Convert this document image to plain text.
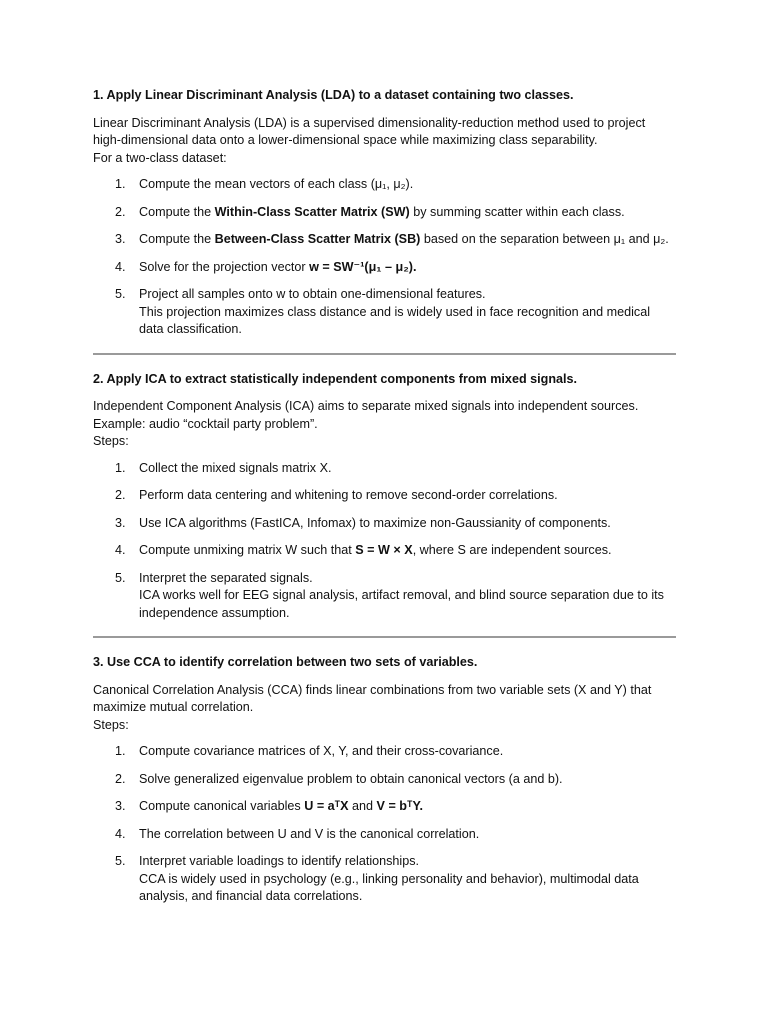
1. Apply Linear Discriminant Analysis (LDA) to a dataset containing two classes.

Linear Discriminant Analysis (LDA) is a supervised dimensionality-reduction method used to project

high-dimensional data onto a lower-dimensional space while maximizing class separability.

For a two-class dataset:

1. Compute the mean vectors of each class (μ₁, μ₂).
2. Compute the Within-Class Scatter Matrix (SW) by summing scatter within each class.
3. Compute the Between-Class Scatter Matrix (SB) based on the separation between μ₁ and μ₂.
4. Solve for the projection vector w = SW⁻¹(μ₁ – μ₂).
5. Project all samples onto w to obtain one-dimensional features.
This projection maximizes class distance and is widely used in face recognition and medical
data classification.
2. Apply ICA to extract statistically independent components from mixed signals.

Independent Component Analysis (ICA) aims to separate mixed signals into independent sources.

Example: audio “cocktail party problem”.

Steps:

1. Collect the mixed signals matrix X.
2. Perform data centering and whitening to remove second-order correlations.
3. Use ICA algorithms (FastICA, Infomax) to maximize non-Gaussianity of components.
4. Compute unmixing matrix W such that S = W × X, where S are independent sources.
5. Interpret the separated signals.
ICA works well for EEG signal analysis, artifact removal, and blind source separation due to its
independence assumption.
3. Use CCA to identify correlation between two sets of variables.

Canonical Correlation Analysis (CCA) finds linear combinations from two variable sets (X and Y) that

maximize mutual correlation.

Steps:

1. Compute covariance matrices of X, Y, and their cross-covariance.
2. Solve generalized eigenvalue problem to obtain canonical vectors (a and b).
3. Compute canonical variables U = aᵀX and V = bᵀY.
4. The correlation between U and V is the canonical correlation.
5. Interpret variable loadings to identify relationships.
CCA is widely used in psychology (e.g., linking personality and behavior), multimodal data
analysis, and financial data correlations.
